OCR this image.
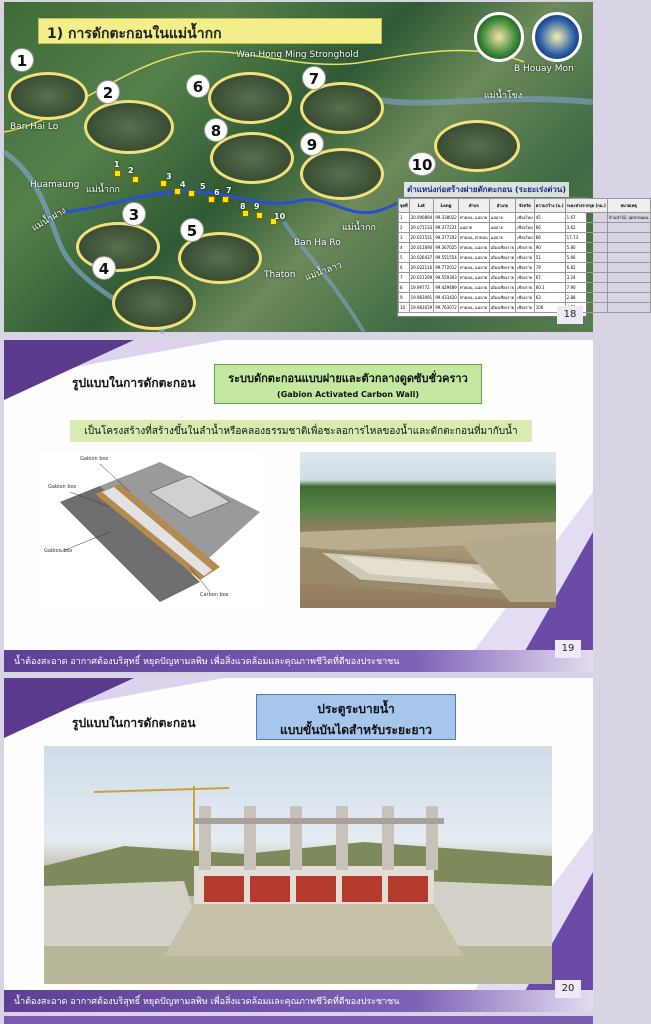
1) การดักตะกอนในแม่น้ำกก
1
2
3
4
5
6	7
8
9
10
แม่น้ำกก
แม่น้ำกก
แม่น้ำโขง
แม่น้ำฝาง
แม่น้ำลาว
Huamaung
Ban Hai Lo
Ban Ha Ro
Thaton
B Houay Mon
Wan Hong Ming Stronghold
1
2
3
4 5
6 7
8 9
10
ตำแหน่งก่อสร้างฝายดักตะกอน (ระยะเร่งด่วน)
จุดที่	Lat	Long	ตำบล	อำเภอ	จังหวัด	ความกว้าง (ม.)	ระยะห่างจากจุด (กม.)	หมายเหตุ
1	20.090894	99.338022	ท่าตอน, แม่อาย	แม่อาย	เชียงใหม่	45	1.67	บ้านป่าไม้, จุดชายแดน
2	20.071133	99.377221	แม่อาย	แม่อาย	เชียงใหม่	66	3.62	
3	20.021531	99.377202	ท่าตอน, ท่าตอน	แม่อาย	เชียงใหม่	66	17.73	
4	20.011690	99.367025	ท่าตอน, แม่อาย	เมืองเชียงราย	เชียงราย	90	5.80	
5	20.026437	99.551554	ท่าตอน, แม่อาย	เมืองเชียงราย	เชียงราย	51	5.66	
6	20.022116	99.772012	ท่าตอน, แม่อาย	เมืองเชียงราย	เชียงราย	79	6.82	
7	20.021209	99.559303	ท่าตอน, แม่อาย	เมืองเชียงราย	เชียงราย	67	3.24	
8	19.99772	99.429489	ท่าตอน, แม่อาย	เมืองเชียงราย	เชียงราย	60.1	7.90	
9	19.983091	99.433420	ท่าตอน, แม่อาย	เมืองเชียงราย	เชียงราย	63	2.88	
10	19.983039	99.763072	ท่าตอน, แม่อาย	เมืองเชียงราย	เชียงราย	106		
18
รูปแบบในการดักตะกอน	ระบบดักตะกอนแบบฝายและตัวกลางดูดซับชั่วคราว
(Gabion Activated Carbon Wall)
เป็นโครงสร้างที่สร้างขึ้นในลำน้ำหรือคลองธรรมชาติเพื่อชะลอการไหลของน้ำและดักตะกอนที่มากับน้ำ
Gabion box
Gabion box
Gabion box
Carbon box
น้ำต้องสะอาด อากาศต้องบริสุทธิ์ หยุดปัญหามลพิษ เพื่อสิ่งแวดล้อมและคุณภาพชีวิตที่ดีของประชาชน
19
รูปแบบในการดักตะกอน
ประตูระบายน้ำ
แบบขั้นบันไดสำหรับระยะยาว
น้ำต้องสะอาด อากาศต้องบริสุทธิ์ หยุดปัญหามลพิษ เพื่อสิ่งแวดล้อมและคุณภาพชีวิตที่ดีของประชาชน
20
